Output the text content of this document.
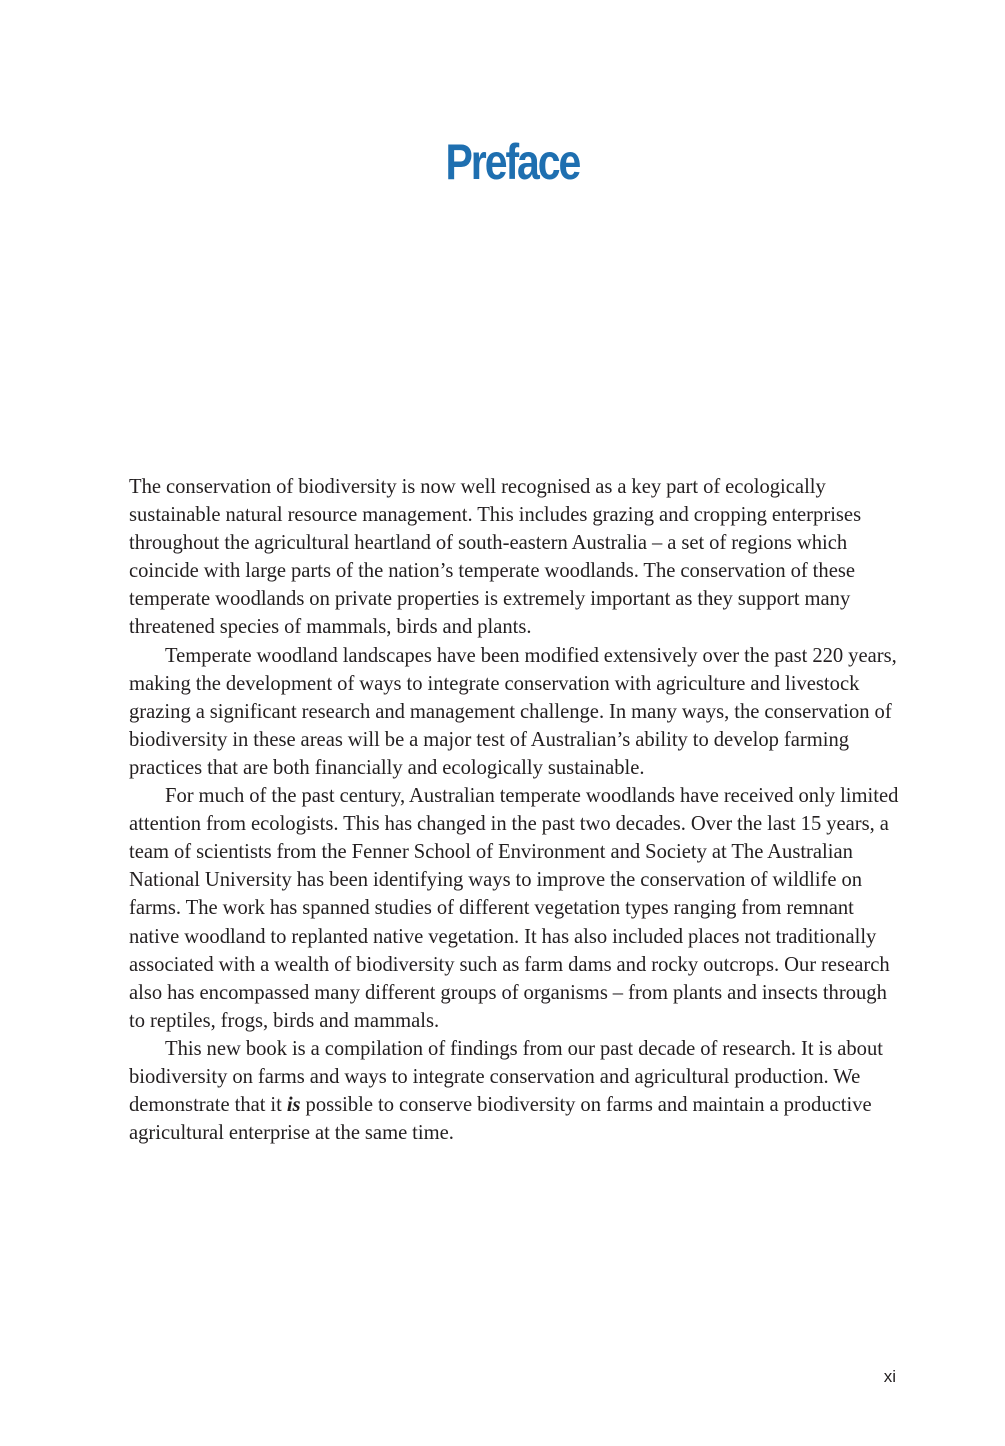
Preface

The conservation of biodiversity is now well recognised as a key part of ecologically sustainable natural resource management. This includes grazing and cropping enterprises throughout the agricultural heartland of south-eastern Australia – a set of regions which coincide with large parts of the nation’s temperate woodlands. The conservation of these temperate woodlands on private properties is extremely important as they support many threatened species of mammals, birds and plants.

Temperate woodland landscapes have been modified extensively over the past 220 years, making the development of ways to integrate conservation with agriculture and livestock grazing a significant research and management challenge. In many ways, the conservation of biodiversity in these areas will be a major test of Australian’s ability to develop farming practices that are both financially and ecologically sustainable.

For much of the past century, Australian temperate woodlands have received only limited attention from ecologists. This has changed in the past two decades. Over the last 15 years, a team of scientists from the Fenner School of Environment and Society at The Australian National University has been identifying ways to improve the conservation of wildlife on farms. The work has spanned studies of different vegetation types ranging from remnant native woodland to replanted native vegetation. It has also included places not traditionally associated with a wealth of biodiversity such as farm dams and rocky outcrops. Our research also has encompassed many different groups of organisms – from plants and insects through to reptiles, frogs, birds and mammals.

This new book is a compilation of findings from our past decade of research. It is about biodiversity on farms and ways to integrate conservation and agricultural production. We demonstrate that it is possible to conserve biodiversity on farms and maintain a productive agricultural enterprise at the same time.

xi
